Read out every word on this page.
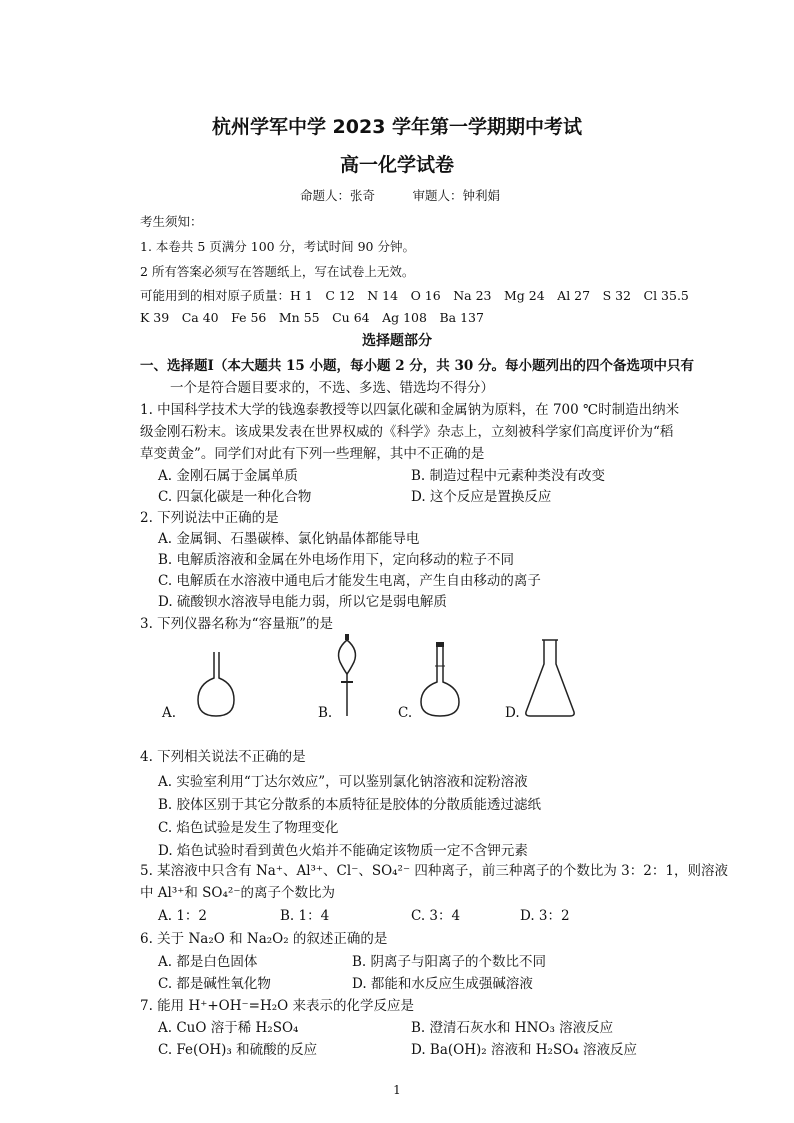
杭州学军中学 2023 学年第一学期期中考试
高一化学试卷
命题人：张奇　　　审题人：钟利娟
考生须知：
1. 本卷共 5 页满分 100 分，考试时间 90 分钟。
2 所有答案必须写在答题纸上，写在试卷上无效。
可能用到的相对原子质量：H 1　C 12　N 14　O 16　Na 23　Mg 24　Al 27　S 32　Cl 35.5
K 39　Ca 40　Fe 56　Mn 55　Cu 64　Ag 108　Ba 137
选择题部分
一、选择题Ⅰ（本大题共 15 小题，每小题 2 分，共 30 分。每小题列出的四个备选项中只有
一个是符合题目要求的，不选、多选、错选均不得分）
1. 中国科学技术大学的钱逸泰教授等以四氯化碳和金属钠为原料，在 700 ℃时制造出纳米
级金刚石粉末。该成果发表在世界权威的《科学》杂志上，立刻被科学家们高度评价为“稻
草变黄金”。同学们对此有下列一些理解，其中不正确的是
A. 金刚石属于金属单质	B. 制造过程中元素种类没有改变
C. 四氯化碳是一种化合物	D. 这个反应是置换反应
2. 下列说法中正确的是
A. 金属铜、石墨碳棒、氯化钠晶体都能导电
B. 电解质溶液和金属在外电场作用下，定向移动的粒子不同
C. 电解质在水溶液中通电后才能发生电离，产生自由移动的离子
D. 硫酸钡水溶液导电能力弱，所以它是弱电解质
3. 下列仪器名称为“容量瓶”的是
A.	B.	C.	D.
4. 下列相关说法不正确的是
A. 实验室利用“丁达尔效应”，可以鉴别氯化钠溶液和淀粉溶液
B. 胶体区别于其它分散系的本质特征是胶体的分散质能透过滤纸
C. 焰色试验是发生了物理变化
D. 焰色试验时看到黄色火焰并不能确定该物质一定不含钾元素
5. 某溶液中只含有 Na⁺、Al³⁺、Cl⁻、SO₄²⁻ 四种离子，前三种离子的个数比为 3：2：1，则溶液
中 Al³⁺和 SO₄²⁻的离子个数比为
A. 1：2	B. 1：4	C. 3：4	D. 3：2
6. 关于 Na₂O 和 Na₂O₂ 的叙述正确的是
A. 都是白色固体	B. 阴离子与阳离子的个数比不同
C. 都是碱性氧化物	D. 都能和水反应生成强碱溶液
7. 能用 H⁺+OH⁻=H₂O 来表示的化学反应是
A. CuO 溶于稀 H₂SO₄	B. 澄清石灰水和 HNO₃ 溶液反应
C. Fe(OH)₃ 和硫酸的反应	D. Ba(OH)₂ 溶液和 H₂SO₄ 溶液反应
1
